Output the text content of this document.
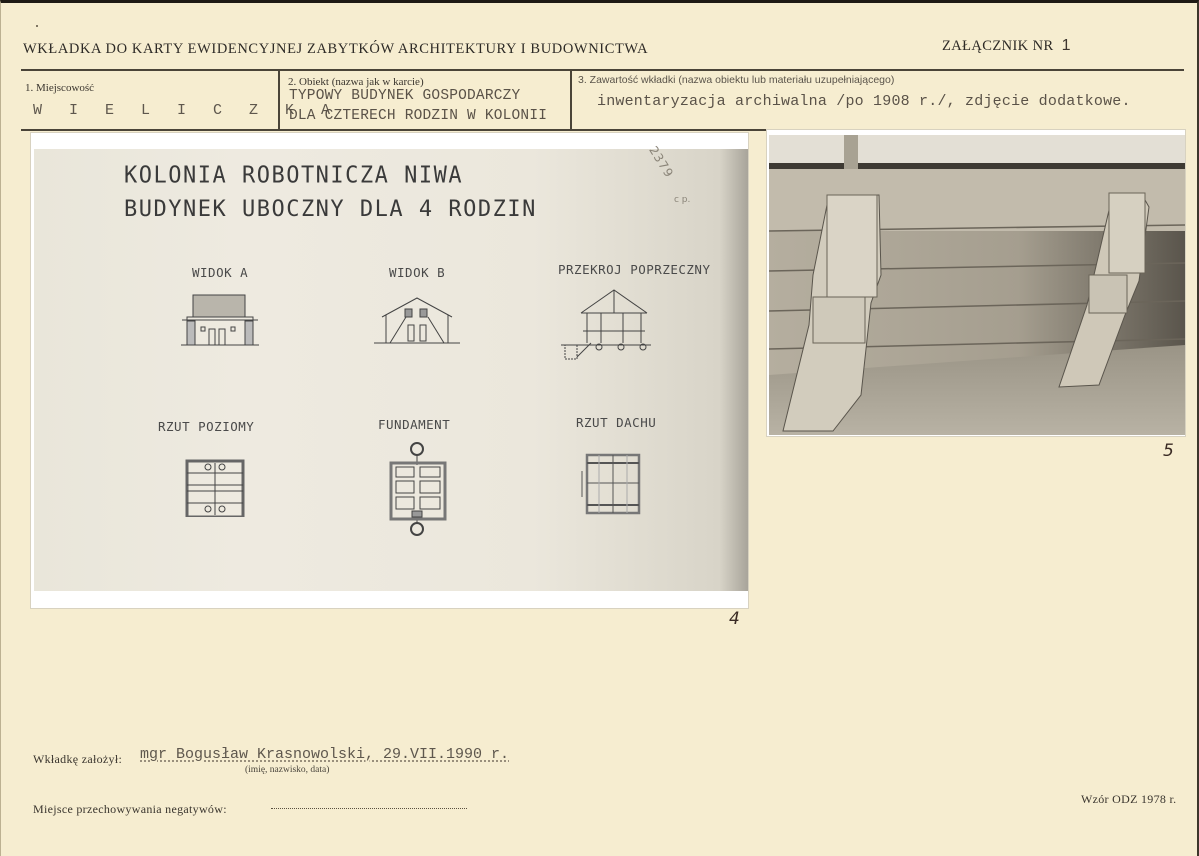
WKŁADKA DO KARTY EWIDENCYJNEJ ZABYTKÓW ARCHITEKTURY I BUDOWNICTWA	ZAŁĄCZNIK NR 1
1. Miejscowość
W I E L I C Z K A
2. Obiekt (nazwa jak w karcie)
TYPOWY BUDYNEK GOSPODARCZY
DLA CZTERECH RODZIN W KOLONII
3. Zawartość wkładki (nazwa obiektu lub materiału uzupełniającego)
inwentaryzacja archiwalna /po 1908 r./, zdjęcie dodatkowe.
KOLONIA ROBOTNICZA NIWA
BUDYNEK UBOCZNY DLA 4 RODZIN
2379
c p.
WIDOK A	WIDOK B	PRZEKROJ POPRZECZNY
RZUT POZIOMY	FUNDAMENT	RZUT DACHU
4
5
Wkładkę założył: mgr Bogusław Krasnowolski, 29.VII.1990 r.
(imię, nazwisko, data)
Miejsce przechowywania negatywów:
Wzór ODZ 1978 r.
